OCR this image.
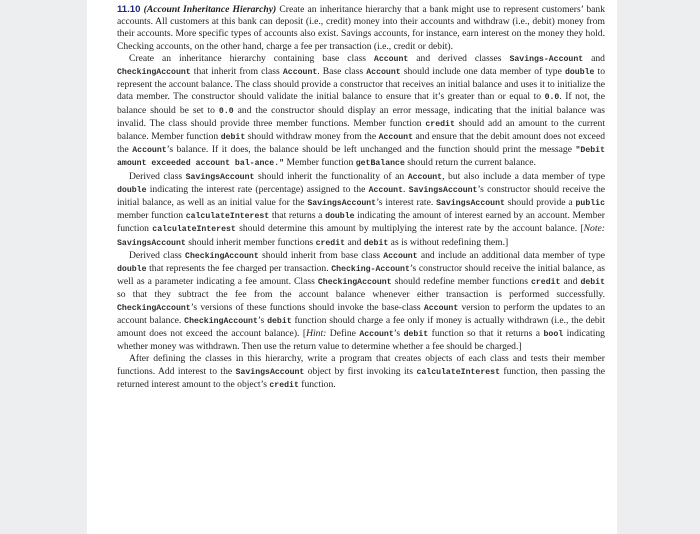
11.10 (Account Inheritance Hierarchy) Create an inheritance hierarchy that a bank might use to represent customers’ bank accounts. All customers at this bank can deposit (i.e., credit) money into their accounts and withdraw (i.e., debit) money from their accounts. More specific types of accounts also exist. Savings accounts, for instance, earn interest on the money they hold. Checking accounts, on the other hand, charge a fee per transaction (i.e., credit or debit).

Create an inheritance hierarchy containing base class Account and derived classes Savings-Account and CheckingAccount that inherit from class Account. Base class Account should include one data member of type double to represent the account balance. The class should provide a constructor that receives an initial balance and uses it to initialize the data member. The constructor should validate the initial balance to ensure that it’s greater than or equal to 0.0. If not, the balance should be set to 0.0 and the constructor should display an error message, indicating that the initial balance was invalid. The class should provide three member functions. Member function credit should add an amount to the current balance. Member function debit should withdraw money from the Account and ensure that the debit amount does not exceed the Account’s balance. If it does, the balance should be left unchanged and the function should print the message "Debit amount exceeded account bal-ance." Member function getBalance should return the current balance.

Derived class SavingsAccount should inherit the functionality of an Account, but also include a data member of type double indicating the interest rate (percentage) assigned to the Account. SavingsAccount’s constructor should receive the initial balance, as well as an initial value for the SavingsAccount’s interest rate. SavingsAccount should provide a public member function calculateInterest that returns a double indicating the amount of interest earned by an account. Member function calculateInterest should determine this amount by multiplying the interest rate by the account balance. [Note: SavingsAccount should inherit member functions credit and debit as is without redefining them.]

Derived class CheckingAccount should inherit from base class Account and include an additional data member of type double that represents the fee charged per transaction. Checking-Account’s constructor should receive the initial balance, as well as a parameter indicating a fee amount. Class CheckingAccount should redefine member functions credit and debit so that they subtract the fee from the account balance whenever either transaction is performed successfully. CheckingAccount’s versions of these functions should invoke the base-class Account version to perform the updates to an account balance. CheckingAccount’s debit function should charge a fee only if money is actually withdrawn (i.e., the debit amount does not exceed the account balance). [Hint: Define Account’s debit function so that it returns a bool indicating whether money was withdrawn. Then use the return value to determine whether a fee should be charged.]

After defining the classes in this hierarchy, write a program that creates objects of each class and tests their member functions. Add interest to the SavingsAccount object by first invoking its calculateInterest function, then passing the returned interest amount to the object’s credit function.
